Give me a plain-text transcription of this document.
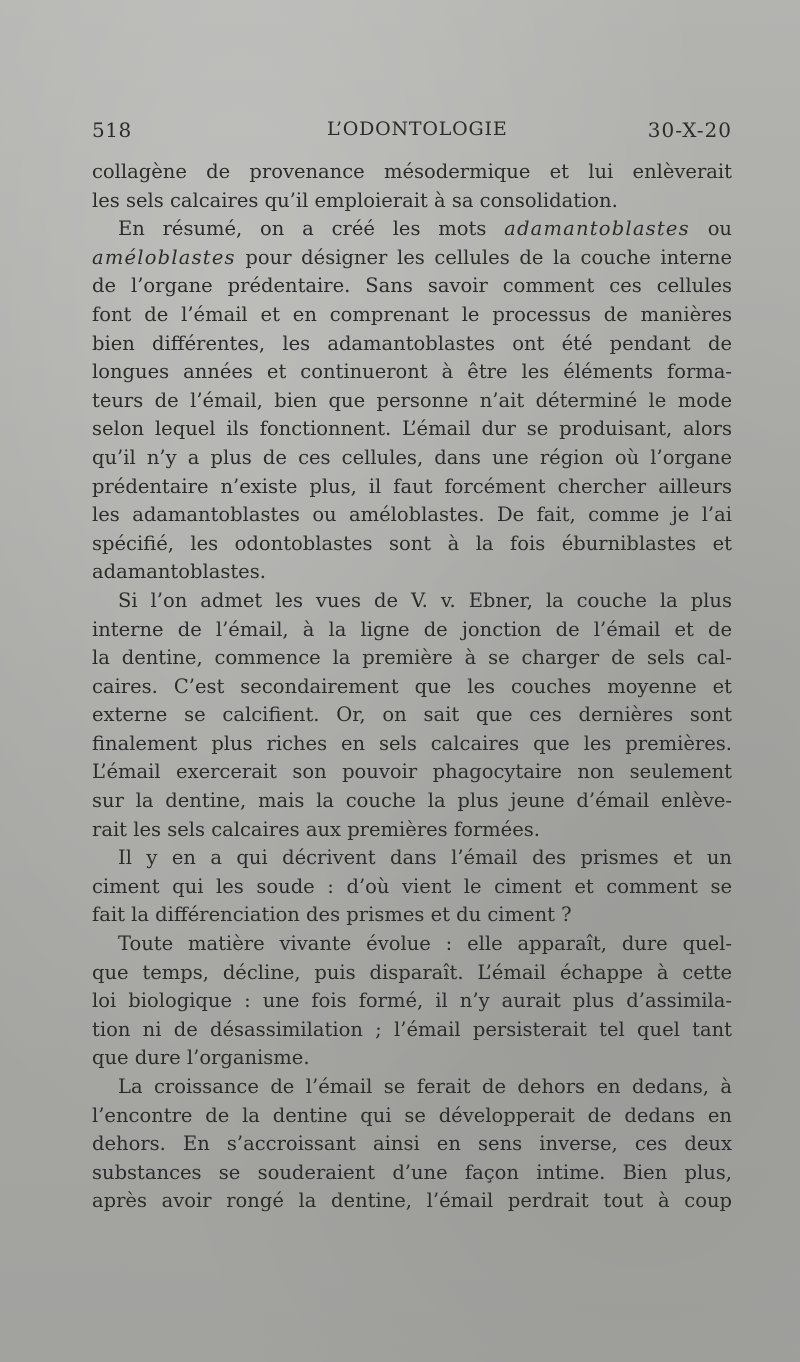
518	L’ODONTOLOGIE	30-X-20
collagène de provenance mésodermique et lui enlèverait
les sels calcaires qu’il emploierait à sa consolidation.
En résumé, on a créé les mots adamantoblastes ou
améloblastes pour désigner les cellules de la couche interne
de l’organe prédentaire. Sans savoir comment ces cellules
font de l’émail et en comprenant le processus de manières
bien différentes, les adamantoblastes ont été pendant de
longues années et continueront à être les éléments forma-
teurs de l’émail, bien que personne n’ait déterminé le mode
selon lequel ils fonctionnent. L’émail dur se produisant, alors
qu’il n’y a plus de ces cellules, dans une région où l’organe
prédentaire n’existe plus, il faut forcément chercher ailleurs
les adamantoblastes ou améloblastes. De fait, comme je l’ai
spécifié, les odontoblastes sont à la fois éburniblastes et
adamantoblastes.
Si l’on admet les vues de V. v. Ebner, la couche la plus
interne de l’émail, à la ligne de jonction de l’émail et de
la dentine, commence la première à se charger de sels cal-
caires. C’est secondairement que les couches moyenne et
externe se calcifient. Or, on sait que ces dernières sont
finalement plus riches en sels calcaires que les premières.
L’émail exercerait son pouvoir phagocytaire non seulement
sur la dentine, mais la couche la plus jeune d’émail enlève-
rait les sels calcaires aux premières formées.
Il y en a qui décrivent dans l’émail des prismes et un
ciment qui les soude : d’où vient le ciment et comment se
fait la différenciation des prismes et du ciment ?
Toute matière vivante évolue : elle apparaît, dure quel-
que temps, décline, puis disparaît. L’émail échappe à cette
loi biologique : une fois formé, il n’y aurait plus d’assimila-
tion ni de désassimilation ; l’émail persisterait tel quel tant
que dure l’organisme.
La croissance de l’émail se ferait de dehors en dedans, à
l’encontre de la dentine qui se développerait de dedans en
dehors. En s’accroissant ainsi en sens inverse, ces deux
substances se souderaient d’une façon intime. Bien plus,
après avoir rongé la dentine, l’émail perdrait tout à coup
